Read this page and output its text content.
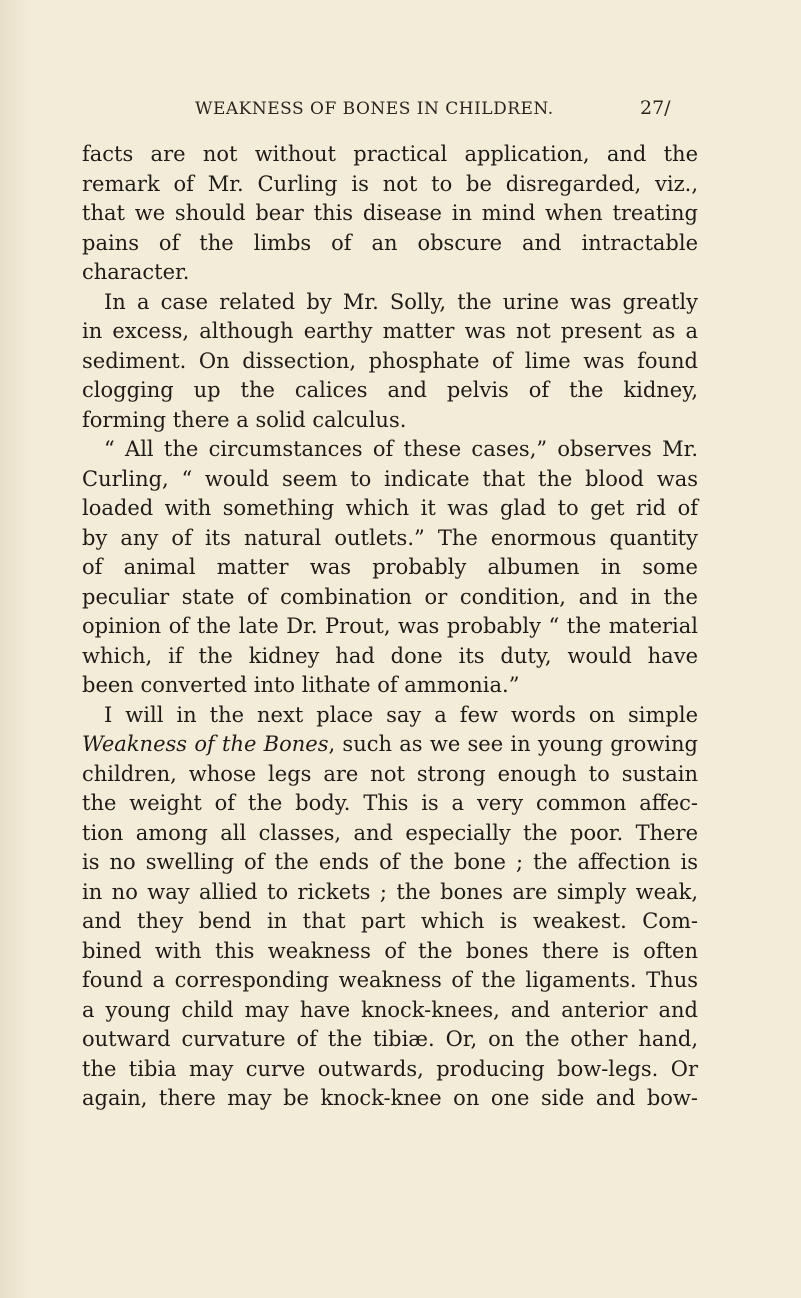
WEAKNESS OF BONES IN CHILDREN.	27/
facts are not without practical application, and the
remark of Mr. Curling is not to be disregarded, viz.,
that we should bear this disease in mind when treating
pains of the limbs of an obscure and intractable
character.
In a case related by Mr. Solly, the urine was greatly
in excess, although earthy matter was not present as a
sediment. On dissection, phosphate of lime was found
clogging up the calices and pelvis of the kidney,
forming there a solid calculus.
“ All the circumstances of these cases,” observes Mr.
Curling, “ would seem to indicate that the blood was
loaded with something which it was glad to get rid of
by any of its natural outlets.” The enormous quantity
of animal matter was probably albumen in some
peculiar state of combination or condition, and in the
opinion of the late Dr. Prout, was probably “ the material
which, if the kidney had done its duty, would have
been converted into lithate of ammonia.”
I will in the next place say a few words on simple
Weakness of the Bones, such as we see in young growing
children, whose legs are not strong enough to sustain
the weight of the body. This is a very common affec-
tion among all classes, and especially the poor. There
is no swelling of the ends of the bone ; the affection is
in no way allied to rickets ; the bones are simply weak,
and they bend in that part which is weakest. Com-
bined with this weakness of the bones there is often
found a corresponding weakness of the ligaments. Thus
a young child may have knock-knees, and anterior and
outward curvature of the tibiæ. Or, on the other hand,
the tibia may curve outwards, producing bow-legs. Or
again, there may be knock-knee on one side and bow-
